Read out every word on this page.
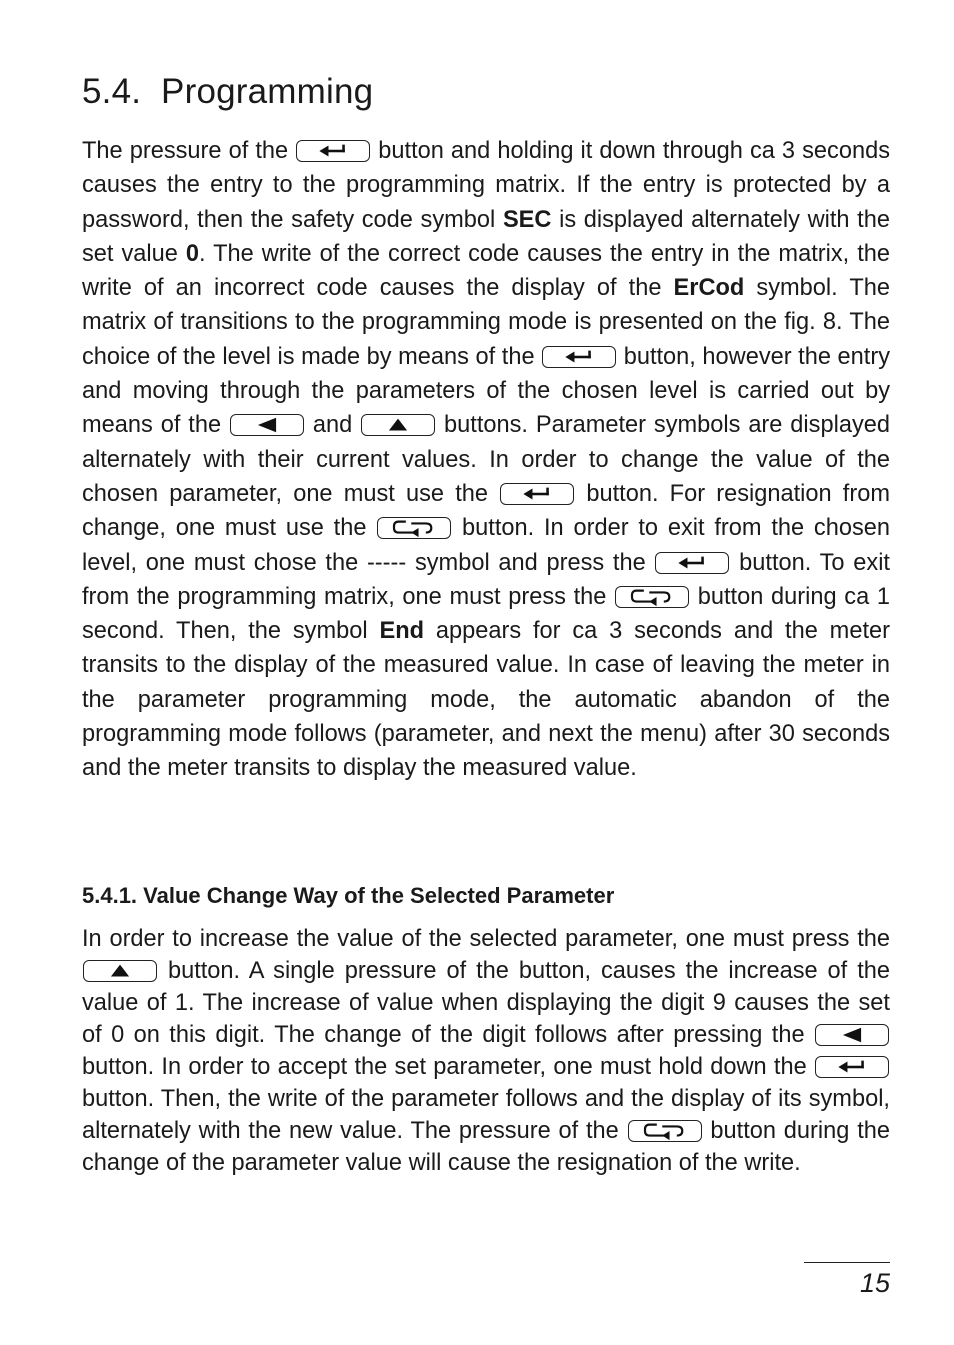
5.4. Programming

The pressure of the	button and holding it down through ca 3 seconds causes the entry to the programming matrix. If the entry is protected by a password, then the safety code symbol SEC is displayed alternately with the set value 0. The write of the correct code causes the entry in the matrix, the write of an incorrect code causes the display of the ErCod symbol. The matrix of transitions to the programming mode is presented on the fig. 8. The choice of the level is made by means of the	button, however the entry and moving through the parameters of the chosen level is carried out by means of the	and	buttons. Parameter symbols are displayed alternately with their current values. In order to change the value of the chosen parameter, one must use the	button. For resignation from change, one must use the	button. In order to exit from the chosen level, one must chose the ----- symbol and press the	button. To exit from the programming matrix, one must press the	button during ca 1 second. Then, the symbol End appears for ca 3 seconds and the meter transits to the display of the measured value. In case of leaving the meter in the parameter programming mode, the automatic abandon of the programming mode follows (parameter, and next the menu) after 30 seconds and the meter transits to display the measured value.

5.4.1. Value Change Way of the Selected Parameter

In order to increase the value of the selected parameter, one must press the
button. A single pressure of the button, causes the increase of the value of 1. The increase of value when displaying the digit 9 causes the set of 0 on this digit. The change of the digit follows after pressing the
button. In order to accept the set parameter, one must hold down the
button. Then, the write of the parameter follows and the display of its symbol, alternately with the new value. The pressure of the	button during the change of the parameter value will cause the resignation of the write.

15
